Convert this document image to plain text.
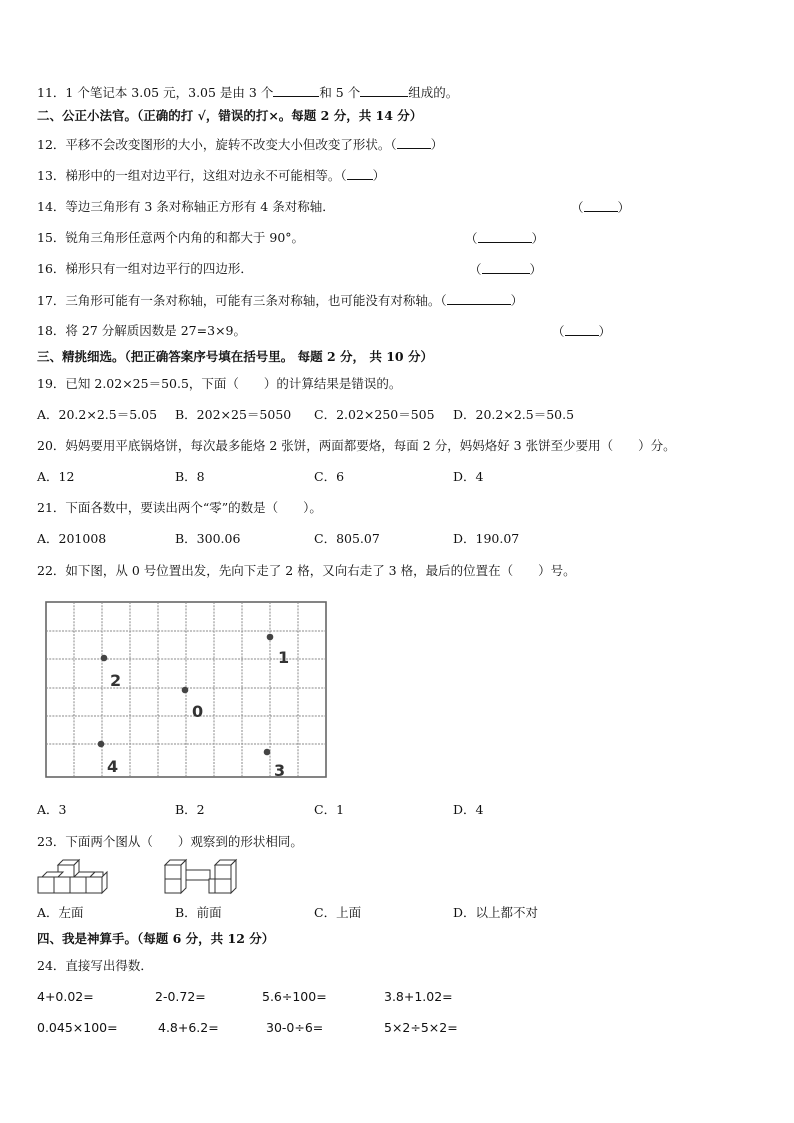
11．1 个笔记本 3.05 元，3.05 是由 3 个	和 5 个	组成的。
二、公正小法官。（正确的打 √，错误的打×。每题 2 分，共 14 分）
12．平移不会改变图形的大小，旋转不改变大小但改变了形状。（	）
13．梯形中的一组对边平行，这组对边永不可能相等。（ ）
14．等边三角形有 3 条对称轴正方形有 4 条对称轴．	（	）
15．锐角三角形任意两个内角的和都大于 90°。	（	）
16．梯形只有一组对边平行的四边形．	（	）
17．三角形可能有一条对称轴，可能有三条对称轴，也可能没有对称轴。（	）
18．将 27 分解质因数是 27=3×9。	（	）
三、精挑细选。（把正确答案序号填在括号里。 每题 2 分， 共 10 分）
19．已知 2.02×25＝50.5，下面（　　）的计算结果是错误的。
A．20.2×2.5＝5.05 B．202×25＝5050 C．2.02×250＝505 D．20.2×2.5＝50.5
20．妈妈要用平底锅烙饼，每次最多能烙 2 张饼，两面都要烙，每面 2 分，妈妈烙好 3 张饼至少要用（　　）分。
A．12	B．8	C．6	D．4
21．下面各数中，要读出两个“零”的数是（　　）。
A．201008	B．300.06	C．805.07	D．190.07
22．如下图，从 0 号位置出发，先向下走了 2 格，又向右走了 3 格，最后的位置在（　　）号。
1
2
0
4	3
A．3	B．2	C．1	D．4
23．下面两个图从（　　）观察到的形状相同。
A．左面	B．前面	C．上面	D．以上都不对
四、我是神算手。（每题 6 分，共 12 分）
24．直接写出得数．
4+0.02=	2-0.72=	5.6÷100=	3.8+1.02=
0.045×100=	4.8+6.2=	30-0÷6=	5×2÷5×2=
